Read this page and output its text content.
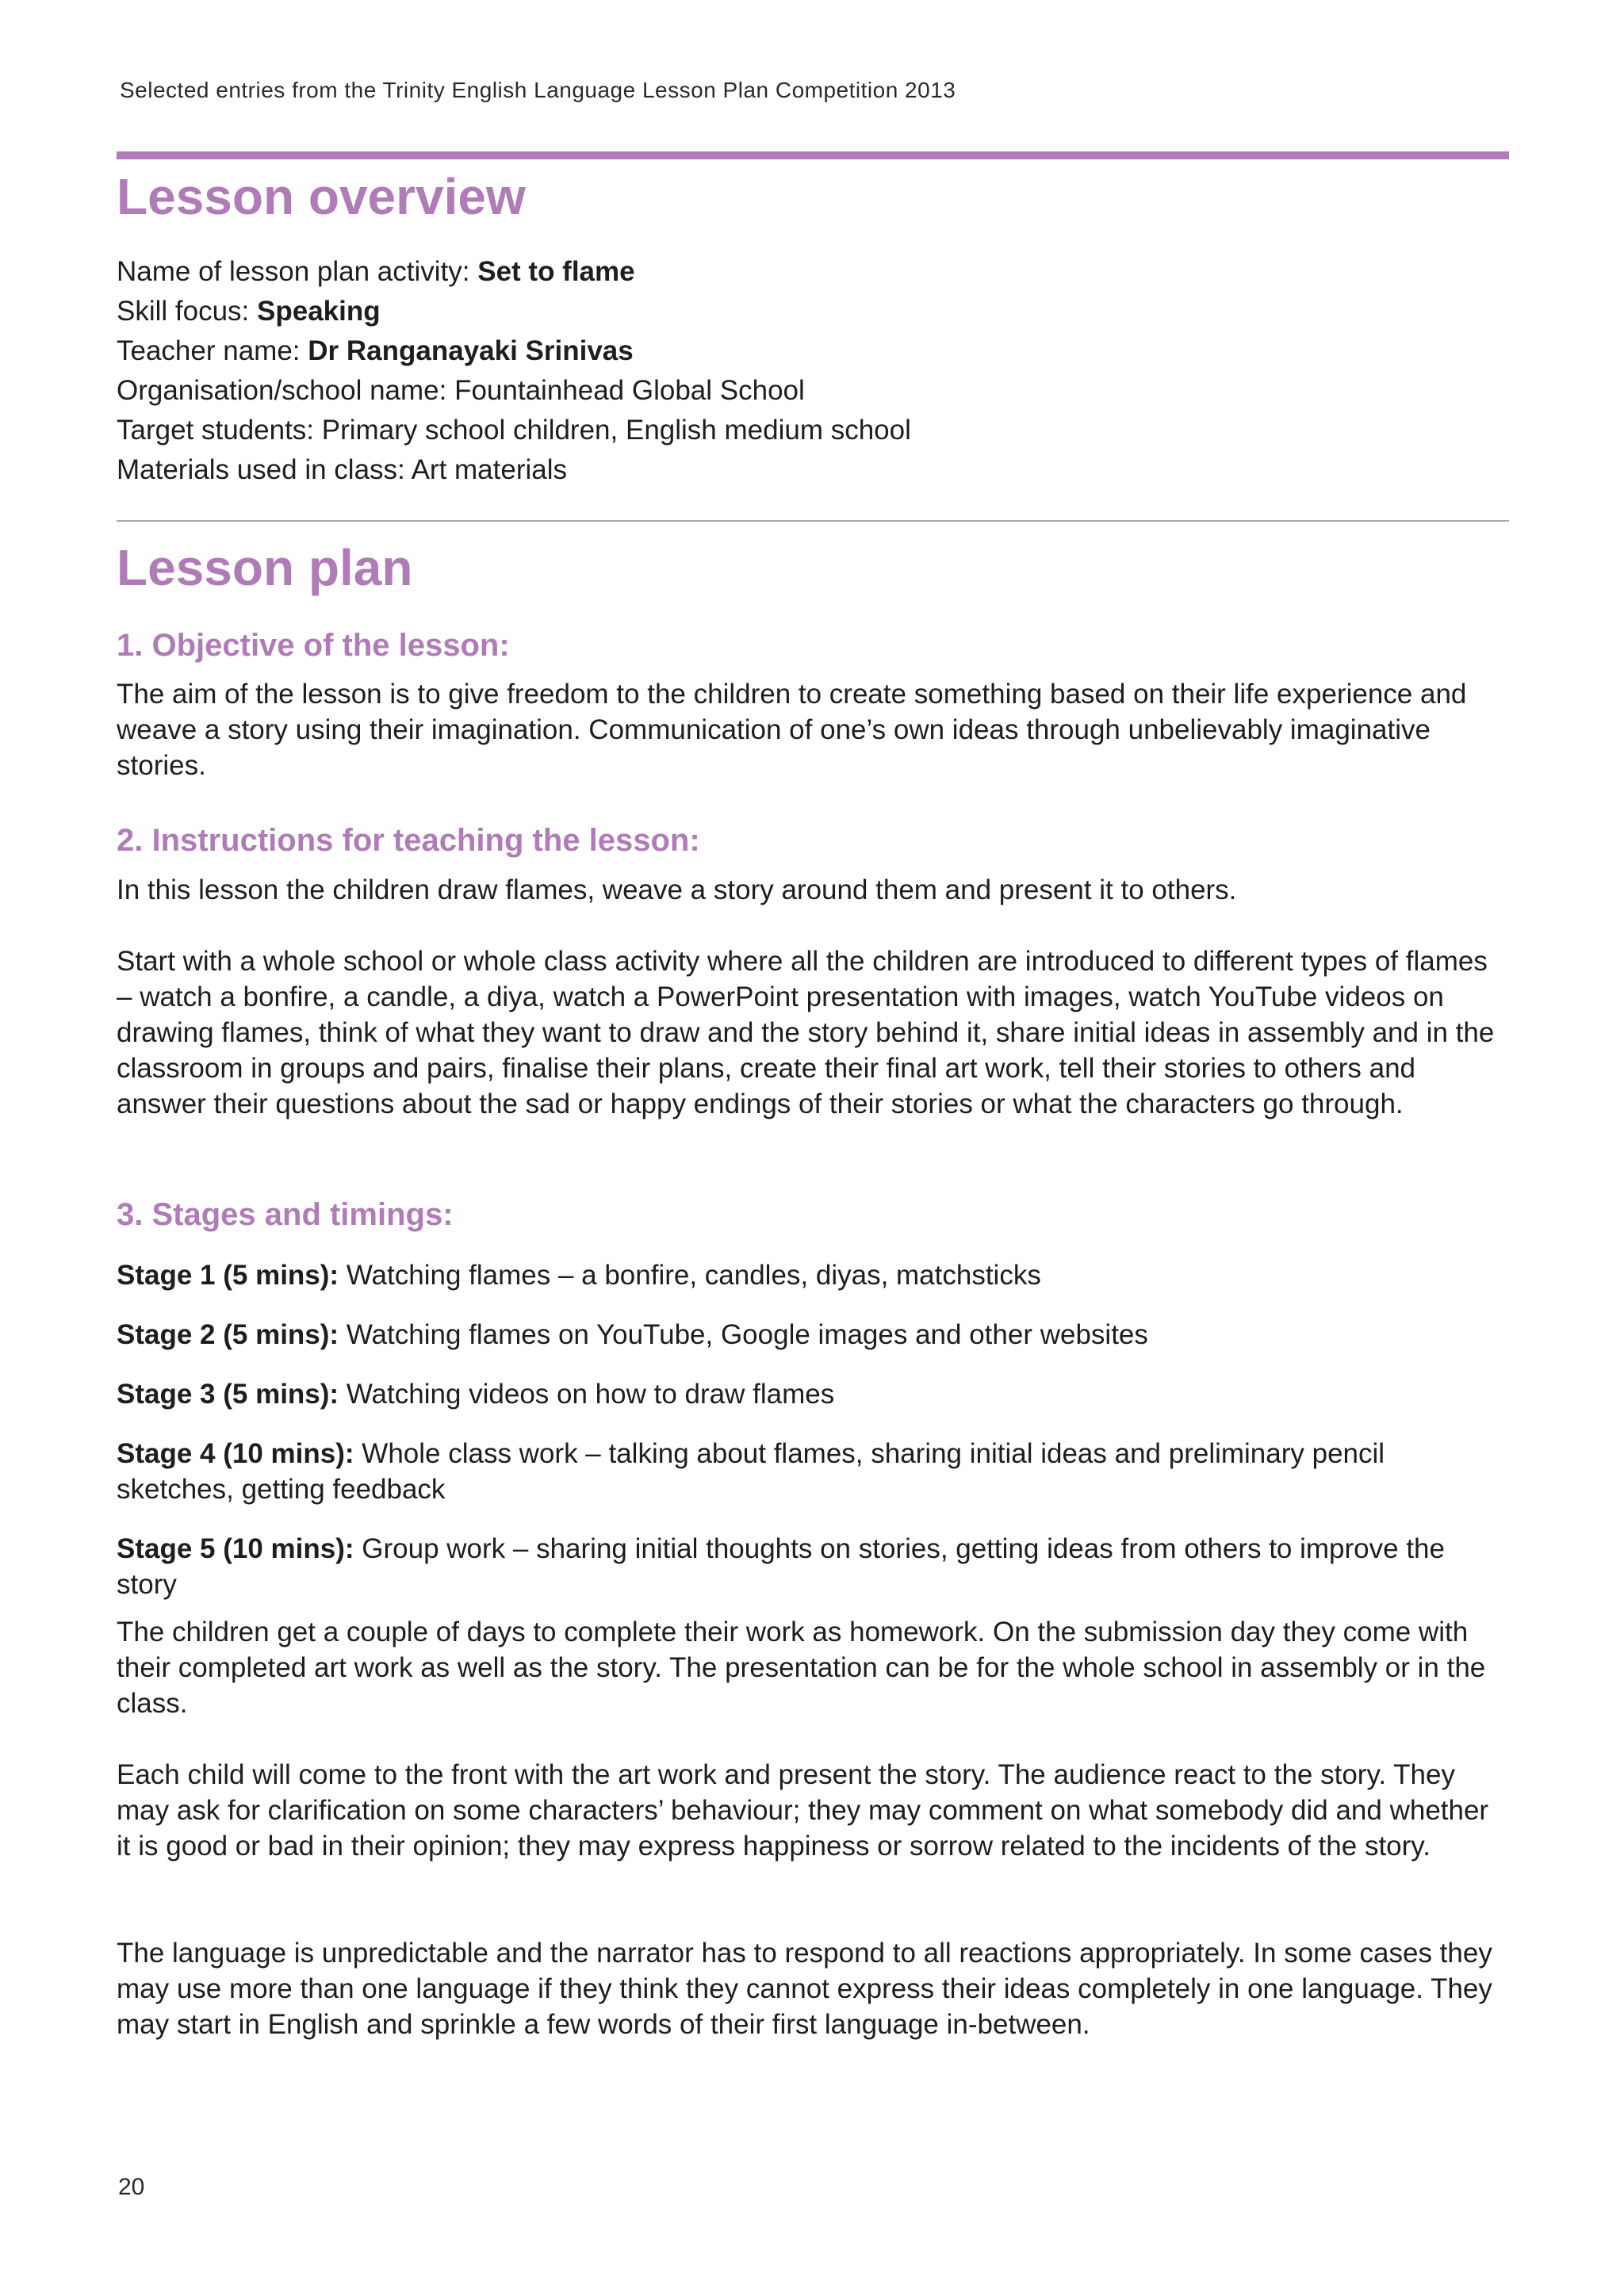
Selected entries from the Trinity English Language Lesson Plan Competition 2013
Lesson overview
Name of lesson plan activity: Set to flame
Skill focus: Speaking
Teacher name: Dr Ranganayaki Srinivas
Organisation/school name: Fountainhead Global School
Target students: Primary school children, English medium school
Materials used in class: Art materials
Lesson plan
1. Objective of the lesson:

The aim of the lesson is to give freedom to the children to create something based on their life experience and weave a story using their imagination. Communication of one’s own ideas through unbelievably imaginative stories.

2. Instructions for teaching the lesson:

In this lesson the children draw flames, weave a story around them and present it to others.

Start with a whole school or whole class activity where all the children are introduced to different types of flames – watch a bonfire, a candle, a diya, watch a PowerPoint presentation with images, watch YouTube videos on drawing flames, think of what they want to draw and the story behind it, share initial ideas in assembly and in the classroom in groups and pairs, finalise their plans, create their final art work, tell their stories to others and answer their questions about the sad or happy endings of their stories or what the characters go through.

3. Stages and timings:

Stage 1 (5 mins): Watching flames – a bonfire, candles, diyas, matchsticks

Stage 2 (5 mins): Watching flames on YouTube, Google images and other websites

Stage 3 (5 mins): Watching videos on how to draw flames

Stage 4 (10 mins): Whole class work – talking about flames, sharing initial ideas and preliminary pencil sketches, getting feedback

Stage 5 (10 mins): Group work – sharing initial thoughts on stories, getting ideas from others to improve the story

The children get a couple of days to complete their work as homework. On the submission day they come with their completed art work as well as the story. The presentation can be for the whole school in assembly or in the class.

Each child will come to the front with the art work and present the story. The audience react to the story. They may ask for clarification on some characters’ behaviour; they may comment on what somebody did and whether it is good or bad in their opinion; they may express happiness or sorrow related to the incidents of the story.

The language is unpredictable and the narrator has to respond to all reactions appropriately. In some cases they may use more than one language if they think they cannot express their ideas completely in one language. They may start in English and sprinkle a few words of their first language in-between.

20
